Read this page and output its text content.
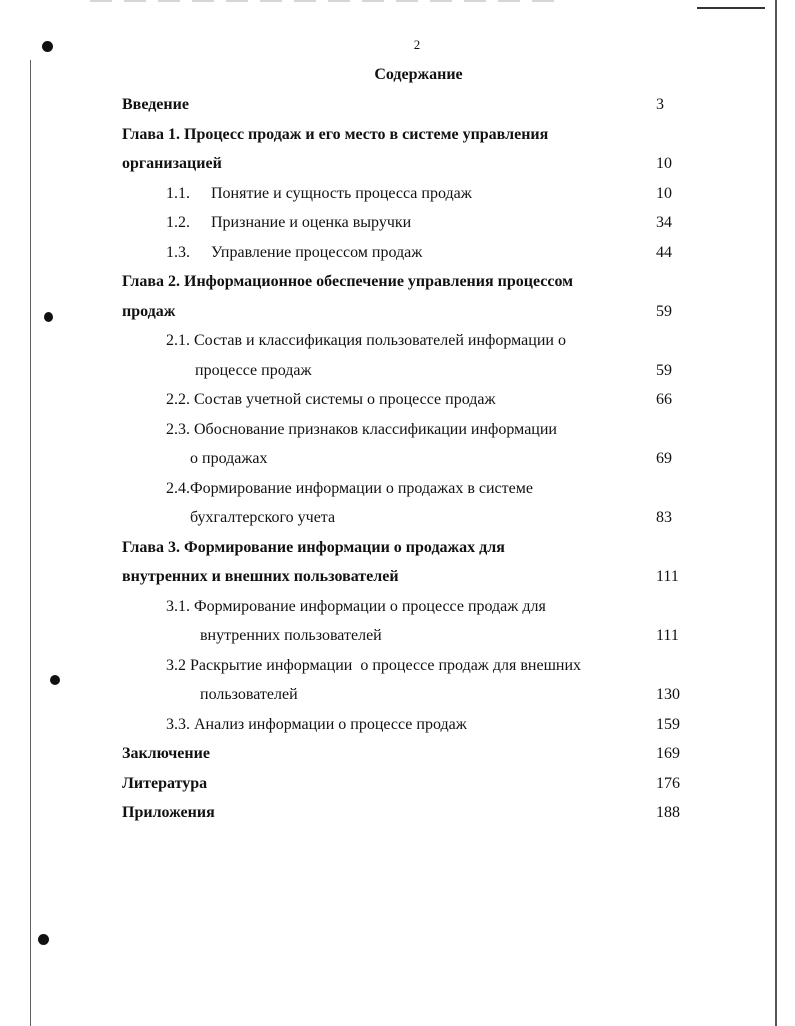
2
Содержание
Введение	3
Глава 1. Процесс продаж и его место в системе управления
организацией	10
1.1. Понятие и сущность процесса продаж	10
1.2. Признание и оценка выручки	34
1.3. Управление процессом продаж	44
Глава 2. Информационное обеспечение управления процессом
продаж	59
2.1. Состав и классификация пользователей информации о
процессе продаж	59
2.2. Состав учетной системы о процессе продаж	66
2.3. Обоснование признаков классификации информации
о продажах	69
2.4.Формирование информации о продажах в системе
бухгалтерского учета	83
Глава 3. Формирование информации о продажах для
внутренних и внешних пользователей	111
3.1. Формирование информации о процессе продаж для
внутренних пользователей	111
3.2 Раскрытие информации  о процессе продаж для внешних
пользователей	130
3.3. Анализ информации о процессе продаж	159
Заключение	169
Литература	176
Приложения	188
